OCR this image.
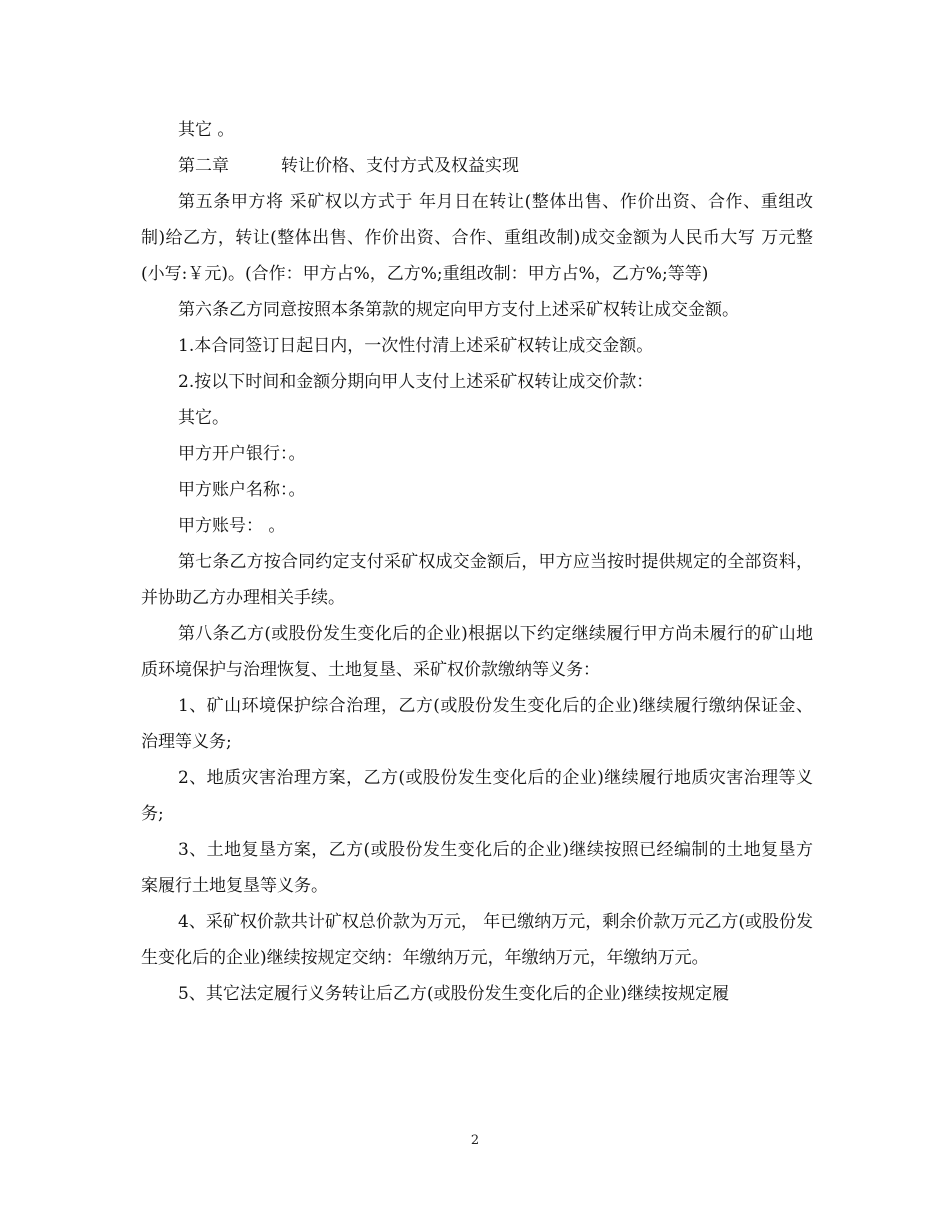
其它 。

第二章	转让价格、支付方式及权益实现

第五条甲方将 采矿权以方式于 年月日在转让(整体出售、作价出资、合作、重组改制)给乙方，转让(整体出售、作价出资、合作、重组改制)成交金额为人民币大写 万元整(小写:￥元)。(合作：甲方占%，乙方%;重组改制：甲方占%，乙方%;等等)

第六条乙方同意按照本条第款的规定向甲方支付上述采矿权转让成交金额。

1.本合同签订日起日内，一次性付清上述采矿权转让成交金额。

2.按以下时间和金额分期向甲人支付上述采矿权转让成交价款：

其它。

甲方开户银行：。

甲方账户名称：。

甲方账号： 。

第七条乙方按合同约定支付采矿权成交金额后，甲方应当按时提供规定的全部资料，并协助乙方办理相关手续。

第八条乙方(或股份发生变化后的企业)根据以下约定继续履行甲方尚未履行的矿山地质环境保护与治理恢复、土地复垦、采矿权价款缴纳等义务：

1、矿山环境保护综合治理，乙方(或股份发生变化后的企业)继续履行缴纳保证金、治理等义务;

2、地质灾害治理方案，乙方(或股份发生变化后的企业)继续履行地质灾害治理等义务;

3、土地复垦方案，乙方(或股份发生变化后的企业)继续按照已经编制的土地复垦方案履行土地复垦等义务。

4、采矿权价款共计矿权总价款为万元， 年已缴纳万元，剩余价款万元乙方(或股份发生变化后的企业)继续按规定交纳：年缴纳万元，年缴纳万元，年缴纳万元。

5、其它法定履行义务转让后乙方(或股份发生变化后的企业)继续按规定履

2
